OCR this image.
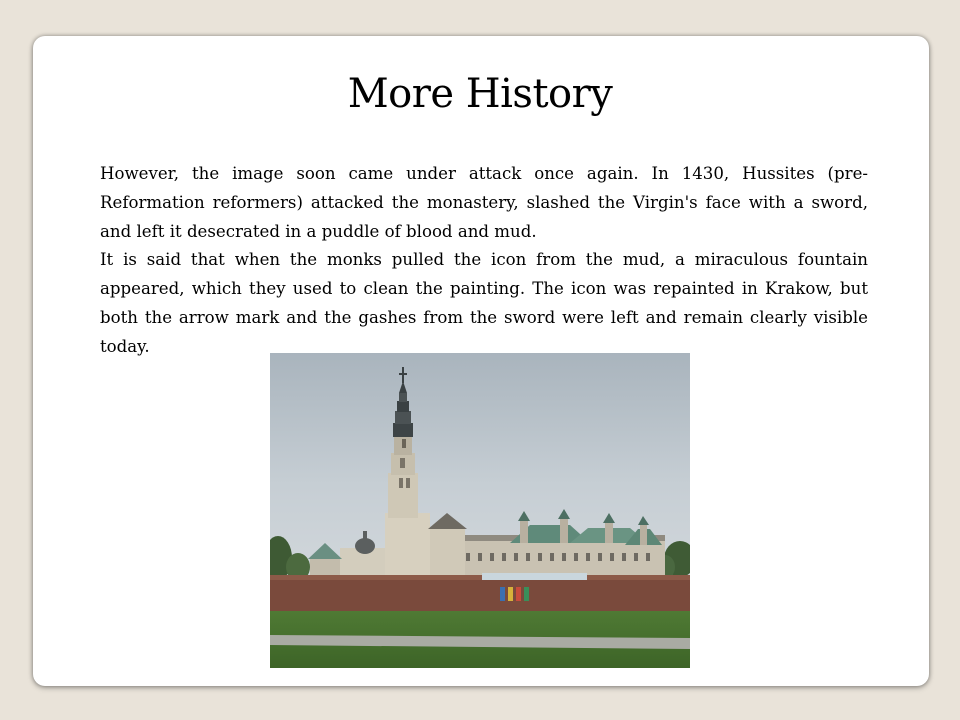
More History

However, the image soon came under attack once again. In 1430, Hussites (pre-Reformation reformers) attacked the monastery, slashed the Virgin's face with a sword, and left it desecrated in a puddle of blood and mud.

It is said that when the monks pulled the icon from the mud, a miraculous fountain appeared, which they used to clean the painting. The icon was repainted in Krakow, but both the arrow mark and the gashes from the sword were left and remain clearly visible today.
